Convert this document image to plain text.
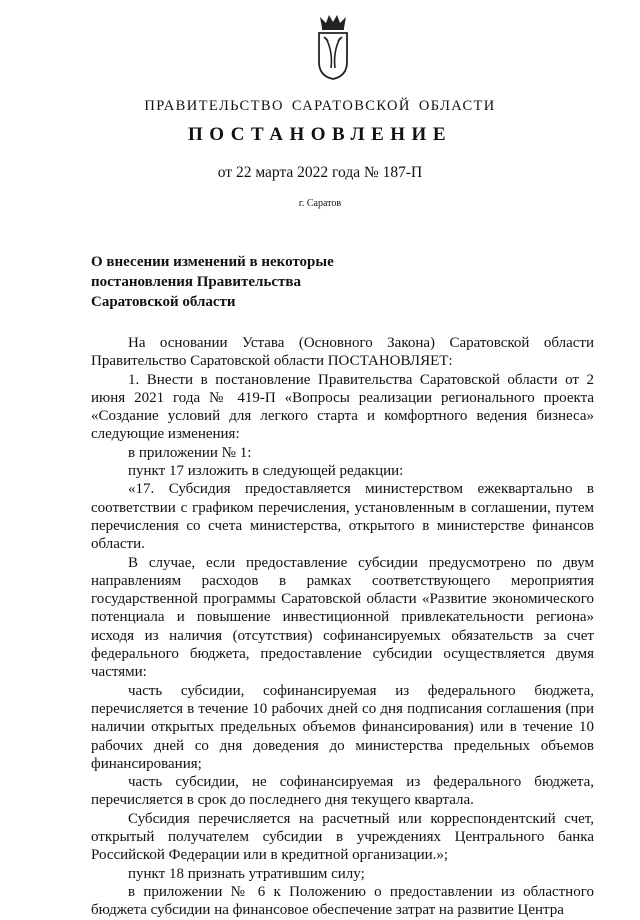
ПРАВИТЕЛЬСТВО САРАТОВСКОЙ ОБЛАСТИ
ПОСТАНОВЛЕНИЕ
от 22 марта 2022 года № 187-П
г. Саратов
О внесении изменений в некоторые
постановления Правительства
Саратовской области

На основании Устава (Основного Закона) Саратовской области Правительство Саратовской области ПОСТАНОВЛЯЕТ:

1. Внести в постановление Правительства Саратовской области от 2 июня 2021 года № 419-П «Вопросы реализации регионального проекта «Создание условий для легкого старта и комфортного ведения бизнеса» следующие изменения:

в приложении № 1:

пункт 17 изложить в следующей редакции:

«17. Субсидия предоставляется министерством ежеквартально в соответствии с графиком перечисления, установленным в соглашении, путем перечисления со счета министерства, открытого в министерстве финансов области.

В случае, если предоставление субсидии предусмотрено по двум направлениям расходов в рамках соответствующего мероприятия государственной программы Саратовской области «Развитие экономического потенциала и повышение инвестиционной привлекательности региона» исходя из наличия (отсутствия) софинансируемых обязательств за счет федерального бюджета, предоставление субсидии осуществляется двумя частями:

часть субсидии, софинансируемая из федерального бюджета, перечисляется в течение 10 рабочих дней со дня подписания соглашения (при наличии открытых предельных объемов финансирования) или в течение 10 рабочих дней со дня доведения до министерства предельных объемов финансирования;

часть субсидии, не софинансируемая из федерального бюджета, перечисляется в срок до последнего дня текущего квартала.

Субсидия перечисляется на расчетный или корреспондентский счет, открытый получателем субсидии в учреждениях Центрального банка Российской Федерации или в кредитной организации.»;

пункт 18 признать утратившим силу;

в приложении № 6 к Положению о предоставлении из областного бюджета субсидии на финансовое обеспечение затрат на развитие Центра
